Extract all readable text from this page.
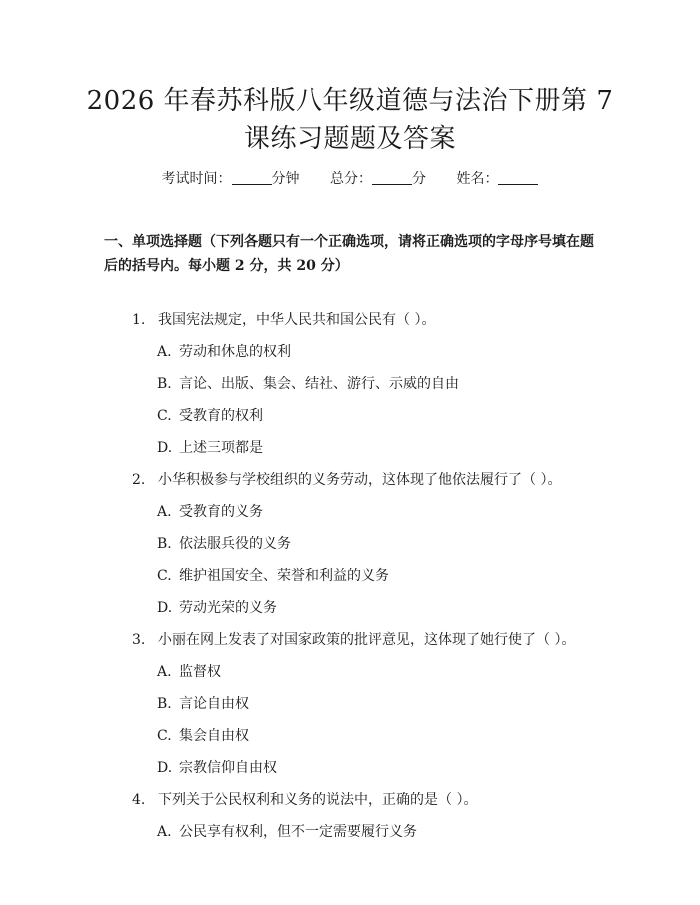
2026 年春苏科版八年级道德与法治下册第 7
课练习题题及答案
考试时间：	分钟 总分：	分 姓名：
一、单项选择题（下列各题只有一个正确选项，请将正确选项的字母序号填在题后的括号内。每小题 2 分，共 20 分）
1. 我国宪法规定，中华人民共和国公民有（ ）。
A. 劳动和休息的权利
B. 言论、出版、集会、结社、游行、示威的自由
C. 受教育的权利
D. 上述三项都是
2. 小华积极参与学校组织的义务劳动，这体现了他依法履行了（ ）。
A. 受教育的义务
B. 依法服兵役的义务
C. 维护祖国安全、荣誉和利益的义务
D. 劳动光荣的义务
3. 小丽在网上发表了对国家政策的批评意见，这体现了她行使了（ ）。
A. 监督权
B. 言论自由权
C. 集会自由权
D. 宗教信仰自由权
4. 下列关于公民权利和义务的说法中，正确的是（ ）。
A. 公民享有权利，但不一定需要履行义务
